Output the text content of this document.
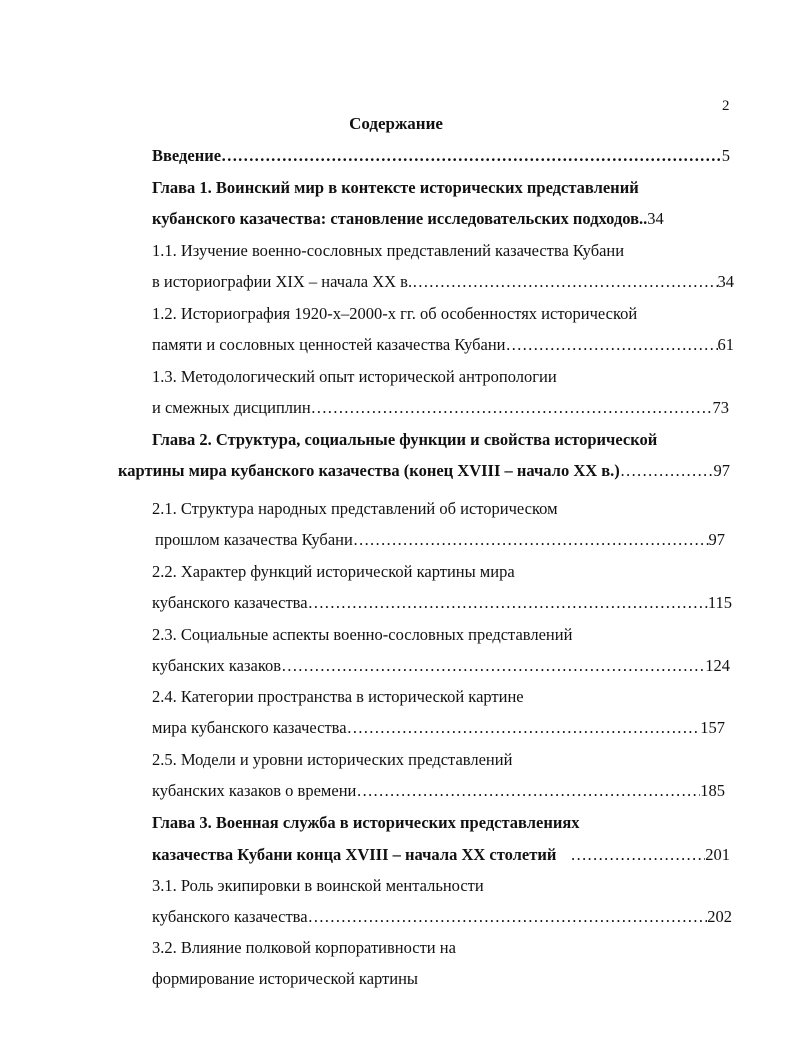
2
Содержание
Введение ……………………………………………………………………………………………………………………………………………………………	5
Глава 1. Воинский мир в контексте исторических представлений
кубанского казачества: становление исследовательских подходов.. 34
1.1. Изучение военно-сословных представлений казачества Кубани
в историографии XIX – начала XX в. ……………………………………………………………………………………………………………………………………………………………	34
1.2. Историография 1920-х–2000-х гг. об особенностях исторической
памяти и сословных ценностей казачества Кубани ……………………………………………………………………………………………………………………………………………………………	61
1.3. Методологический опыт исторической антропологии
и смежных дисциплин ……………………………………………………………………………………………………………………………………………………………	73
Глава 2. Структура, социальные функции и свойства исторической
картины мира кубанского казачества (конец XVIII – начало XX в.) ……………………………………………………………………………………………………………………………………………………………	97
2.1. Структура народных представлений об историческом
прошлом казачества Кубани ……………………………………………………………………………………………………………………………………………………………	97
2.2. Характер функций исторической картины мира
кубанского казачества ……………………………………………………………………………………………………………………………………………………………	115
2.3. Социальные аспекты военно-сословных представлений
кубанских казаков ……………………………………………………………………………………………………………………………………………………………	124
2.4. Категории пространства в исторической картине
мира кубанского казачества ……………………………………………………………………………………………………………………………………………………………	157
2.5. Модели и уровни исторических представлений
кубанских казаков о времени ……………………………………………………………………………………………………………………………………………………………	185
Глава 3. Военная служба в исторических представлениях
казачества Кубани конца XVIII – начала XX столетий ……………………………………………………………………………………………………………………………………………………………	201
3.1. Роль экипировки в воинской ментальности
кубанского казачества ……………………………………………………………………………………………………………………………………………………………	202
3.2. Влияние полковой корпоративности на
формирование исторической картины
